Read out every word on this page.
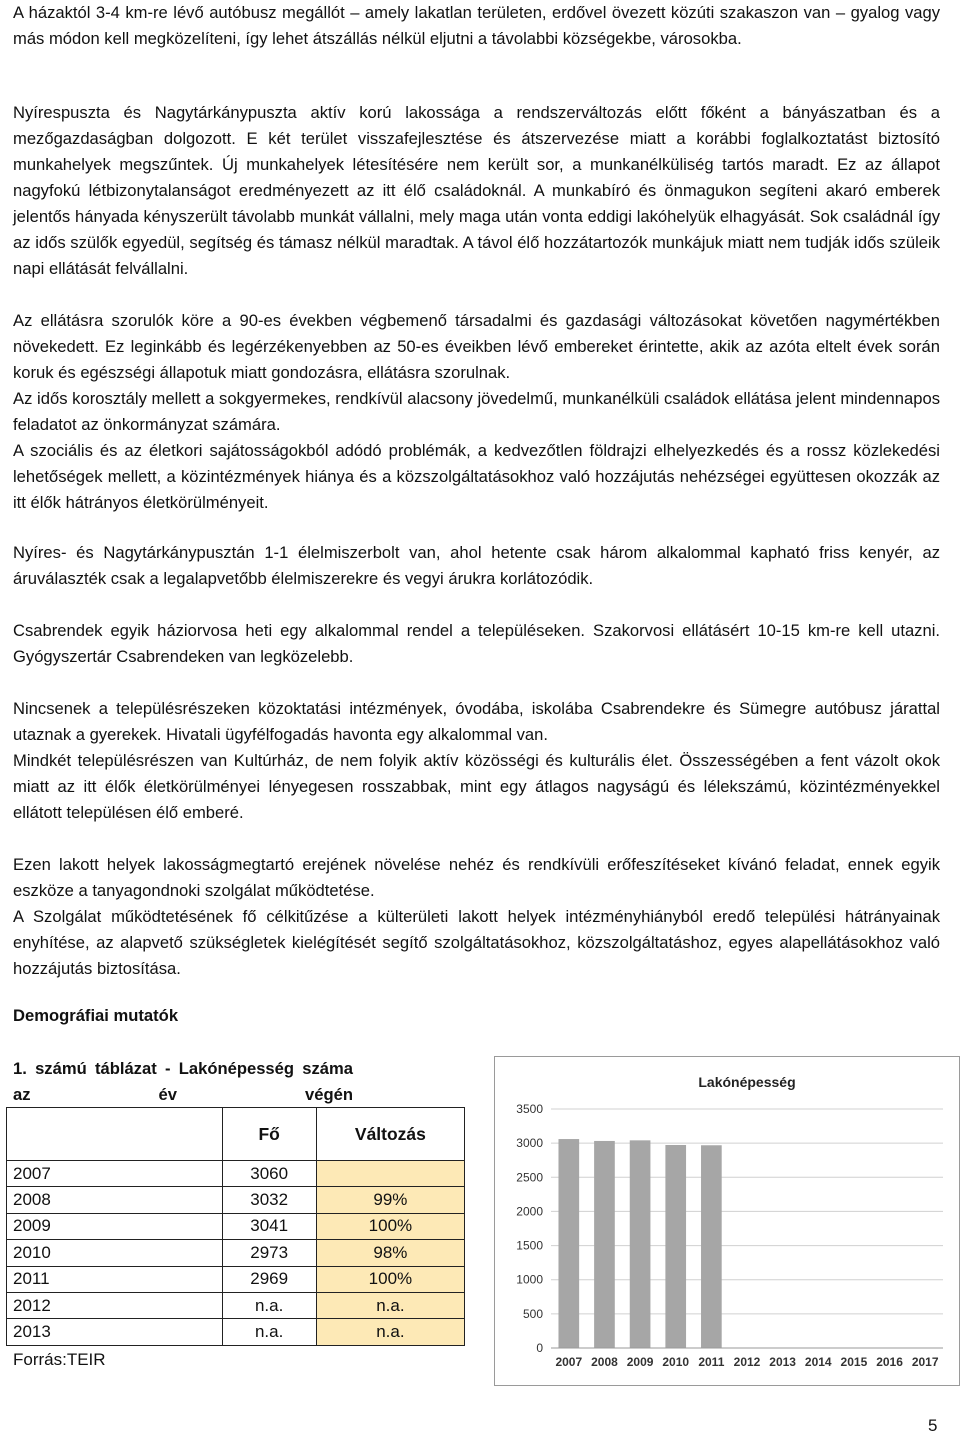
A házaktól 3-4 km-re lévő autóbusz megállót – amely lakatlan területen, erdővel övezett közúti szakaszon van – gyalog vagy más módon kell megközelíteni, így lehet átszállás nélkül eljutni a távolabbi községekbe, városokba.

Nyírespuszta és Nagytárkánypuszta aktív korú lakossága a rendszerváltozás előtt főként a bányászatban és a mezőgazdaságban dolgozott. E két terület visszafejlesztése és átszervezése miatt a korábbi foglalkoztatást biztosító munkahelyek megszűntek. Új munkahelyek létesítésére nem került sor, a munkanélküliség tartós maradt. Ez az állapot nagyfokú létbizonytalanságot eredményezett az itt élő családoknál. A munkabíró és önmagukon segíteni akaró emberek jelentős hányada kényszerült távolabb munkát vállalni, mely maga után vonta eddigi lakóhelyük elhagyását. Sok családnál így az idős szülők egyedül, segítség és támasz nélkül maradtak. A távol élő hozzátartozók munkájuk miatt nem tudják idős szüleik napi ellátását felvállalni.

Az ellátásra szorulók köre a 90-es években végbemenő társadalmi és gazdasági változásokat követően nagymértékben növekedett. Ez leginkább és legérzékenyebben az 50-es éveikben lévő embereket érintette, akik az azóta eltelt évek során koruk és egészségi állapotuk miatt gondozásra, ellátásra szorulnak.

Az idős korosztály mellett a sokgyermekes, rendkívül alacsony jövedelmű, munkanélküli családok ellátása jelent mindennapos feladatot az önkormányzat számára.

A szociális és az életkori sajátosságokból adódó problémák, a kedvezőtlen földrajzi elhelyezkedés és a rossz közlekedési lehetőségek mellett, a közintézmények hiánya és a közszolgáltatásokhoz való hozzájutás nehézségei együttesen okozzák az itt élők hátrányos életkörülményeit.

Nyíres- és Nagytárkánypusztán 1-1 élelmiszerbolt van, ahol hetente csak három alkalommal kapható friss kenyér, az áruválaszték csak a legalapvetőbb élelmiszerekre és vegyi árukra korlátozódik.

Csabrendek egyik háziorvosa heti egy alkalommal rendel a településeken. Szakorvosi ellátásért 10-15 km-re kell utazni. Gyógyszertár Csabrendeken van legközelebb.

Nincsenek a településrészeken közoktatási intézmények, óvodába, iskolába Csabrendekre és Sümegre autóbusz járattal utaznak a gyerekek. Hivatali ügyfélfogadás havonta egy alkalommal van.

Mindkét településrészen van Kultúrház, de nem folyik aktív közösségi és kulturális élet. Összességében a fent vázolt okok miatt az itt élők életkörülményei lényegesen rosszabbak, mint egy átlagos nagyságú és lélekszámú, közintézményekkel ellátott településen élő emberé.

Ezen lakott helyek lakosságmegtartó erejének növelése nehéz és rendkívüli erőfeszítéseket kívánó feladat, ennek egyik eszköze a tanyagondnoki szolgálat működtetése.

A Szolgálat működtetésének fő célkitűzése a külterületi lakott helyek intézményhiányból eredő települési hátrányainak enyhítése, az alapvető szükségletek kielégítését segítő szolgáltatásokhoz, közszolgáltatáshoz, egyes alapellátásokhoz való hozzájutás biztosítása.

Demográfiai mutatók
1. számú táblázat - Lakónépesség száma az év végén
	Fő	Változás
2007	3060	
2008	3032	99%
2009	3041	100%
2010	2973	98%
2011	2969	100%
2012	n.a.	n.a.
2013	n.a.	n.a.
Forrás:TEIR
Lakónépesség
0
500
1000
1500
2000
2500
3000
3500
2007 2008 2009 2010 2011 2012 2013 2014 2015 2016 2017
5
